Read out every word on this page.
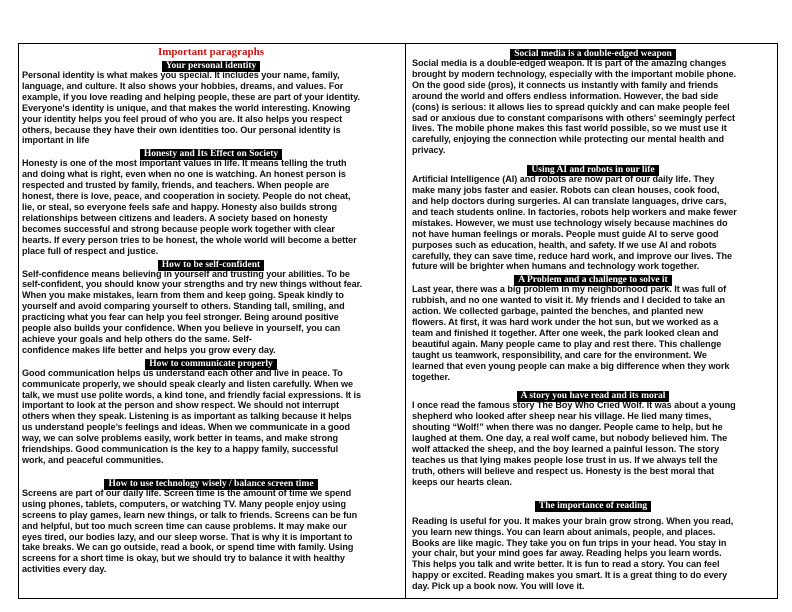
Important paragraphs

Your personal identity

Personal identity is what makes you special. It includes your name, family,
language, and culture. It also shows your hobbies, dreams, and values. For
example, if you love reading and helping people, these are part of your identity.
Everyone's identity is unique, and that makes the world interesting. Knowing
your identity helps you feel proud of who you are. It also helps you respect
others, because they have their own identities too. Our personal identity is
important in life

Honesty and Its Effect on Society

Honesty is one of the most important values in life. It means telling the truth
and doing what is right, even when no one is watching. An honest person is
respected and trusted by family, friends, and teachers. When people are
honest, there is love, peace, and cooperation in society. People do not cheat,
lie, or steal, so everyone feels safe and happy. Honesty also builds strong
relationships between citizens and leaders. A society based on honesty
becomes successful and strong because people work together with clear
hearts. If every person tries to be honest, the whole world will become a better
place full of respect and justice.

How to be self-confident

Self-confidence means believing in yourself and trusting your abilities. To be
self-confident, you should know your strengths and try new things without fear.
When you make mistakes, learn from them and keep going. Speak kindly to
yourself and avoid comparing yourself to others. Standing tall, smiling, and
practicing what you fear can help you feel stronger. Being around positive
people also builds your confidence. When you believe in yourself, you can
achieve your goals and help others do the same. Self-
confidence makes life better and helps you grow every day.

How to communicate properly

Good communication helps us understand each other and live in peace. To
communicate properly, we should speak clearly and listen carefully. When we
talk, we must use polite words, a kind tone, and friendly facial expressions. It is
important to look at the person and show respect. We should not interrupt
others when they speak. Listening is as important as talking because it helps
us understand people’s feelings and ideas. When we communicate in a good
way, we can solve problems easily, work better in teams, and make strong
friendships. Good communication is the key to a happy family, successful
work, and peaceful communities.

How to use technology wisely / balance screen time

Screens are part of our daily life. Screen time is the amount of time we spend
using phones, tablets, computers, or watching TV. Many people enjoy using
screens to play games, learn new things, or talk to friends. Screens can be fun
and helpful, but too much screen time can cause problems. It may make our
eyes tired, our bodies lazy, and our sleep worse. That is why it is important to
take breaks. We can go outside, read a book, or spend time with family. Using
screens for a short time is okay, but we should try to balance it with healthy
activities every day.

Social media is a double-edged weapon

Social media is a double-edged weapon. It is part of the amazing changes
brought by modern technology, especially with the important mobile phone.
On the good side (pros), it connects us instantly with family and friends
around the world and offers endless information. However, the bad side
(cons) is serious: it allows lies to spread quickly and can make people feel
sad or anxious due to constant comparisons with others' seemingly perfect
lives. The mobile phone makes this fast world possible, so we must use it
carefully, enjoying the connection while protecting our mental health and
privacy.

Using AI and robots in our life

Artificial Intelligence (AI) and robots are now part of our daily life. They
make many jobs faster and easier. Robots can clean houses, cook food,
and help doctors during surgeries. AI can translate languages, drive cars,
and teach students online. In factories, robots help workers and make fewer
mistakes. However, we must use technology wisely because machines do
not have human feelings or morals. People must guide AI to serve good
purposes such as education, health, and safety. If we use AI and robots
carefully, they can save time, reduce hard work, and improve our lives. The
future will be brighter when humans and technology work together.

A Problem and a challenge to solve it

Last year, there was a big problem in my neighborhood park. It was full of
rubbish, and no one wanted to visit it. My friends and I decided to take an
action. We collected garbage, painted the benches, and planted new
flowers. At first, it was hard work under the hot sun, but we worked as a
team and finished it together. After one week, the park looked clean and
beautiful again. Many people came to play and rest there. This challenge
taught us teamwork, responsibility, and care for the environment. We
learned that even young people can make a big difference when they work
together.

A story you have read and its moral

I once read the famous story The Boy Who Cried Wolf. It was about a young
shepherd who looked after sheep near his village. He lied many times,
shouting “Wolf!” when there was no danger. People came to help, but he
laughed at them. One day, a real wolf came, but nobody believed him. The
wolf attacked the sheep, and the boy learned a painful lesson. The story
teaches us that lying makes people lose trust in us. If we always tell the
truth, others will believe and respect us. Honesty is the best moral that
keeps our hearts clean.

The importance of reading

Reading is useful for you. It makes your brain grow strong. When you read,
you learn new things. You can learn about animals, people, and places.
Books are like magic. They take you on fun trips in your head. You stay in
your chair, but your mind goes far away. Reading helps you learn words.
This helps you talk and write better. It is fun to read a story. You can feel
happy or excited. Reading makes you smart. It is a great thing to do every
day. Pick up a book now. You will love it.
